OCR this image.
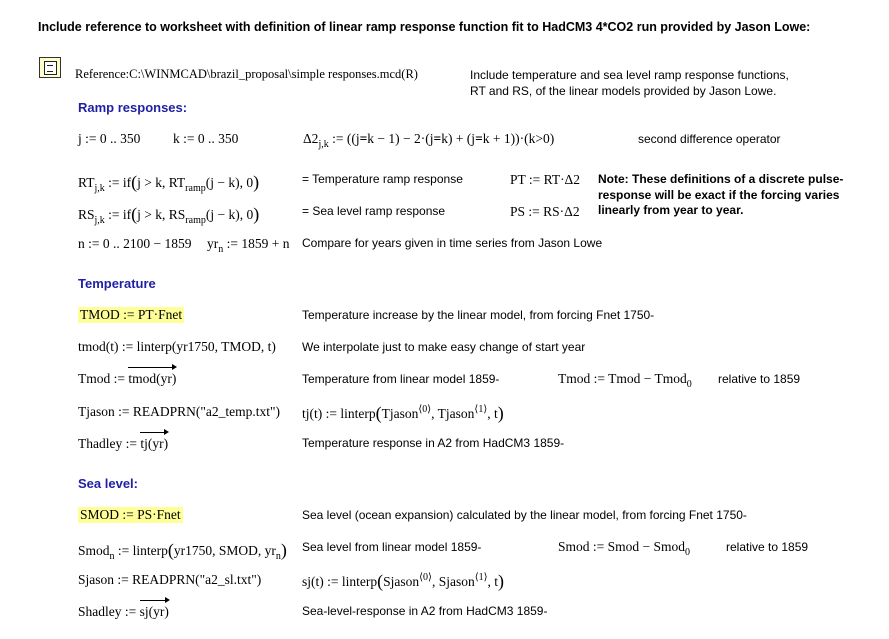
Include reference to worksheet with definition of linear ramp response function fit to HadCM3 4*CO2 run provided by Jason Lowe:
Reference:C:\WINMCAD\brazil_proposal\simple responses.mcd(R)	Include temperature and sea level ramp response functions,
RT and RS, of the linear models provided by Jason Lowe.
Ramp responses:
j := 0 .. 350 k := 0 .. 350	$\Delta 2_{j,k}$ := ((j=k − 1) − 2·(j=k) + (j=k + 1))·(k>0)	second difference operator
$RT_{j,k}$ := if(j > k, $RT_{ramp}(j - k)$, 0)	= Temperature ramp response	PT := RT·Δ2
$RS_{j,k}$ := if(j > k, $RS_{ramp}(j - k)$, 0)	= Sea level ramp response	PS := RS·Δ2
Note: These definitions of a discrete pulse-response will be exact if the forcing varies linearly from year to year.
n := 0 .. 2100 − 1859 $yr_n$ := 1859 + n Compare for years given in time series from Jason Lowe
Temperature
TMOD := PT·Fnet	Temperature increase by the linear model, from forcing Fnet 1750-
tmod(t) := linterp(yr1750, TMOD, t) We interpolate just to make easy change of start year
Tmod := tmod(yr)	Temperature from linear model 1859-	Tmod := Tmod − Tmod$_0$ relative to 1859
Tjason := READPRN("a2_temp.txt") tj(t) := linterp(Tjason$^{⟨0⟩}$, Tjason$^{⟨1⟩}$, t)
Thadley := tj(yr)	Temperature response in A2 from HadCM3 1859-
Sea level:
SMOD := PS·Fnet	Sea level (ocean expansion) calculated by the linear model, from forcing Fnet 1750-
Smod$_n$ := linterp(yr1750, SMOD, $yr_n$) Sea level from linear model 1859-	Smod := Smod − Smod$_0$	relative to 1859
Sjason := READPRN("a2_sl.txt")	sj(t) := linterp(Sjason$^{⟨0⟩}$, Sjason$^{⟨1⟩}$, t)
Shadley := sj(yr)	Sea-level-response in A2 from HadCM3 1859-
